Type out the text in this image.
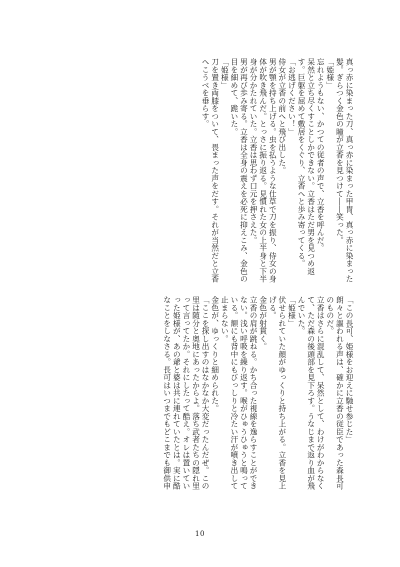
真っ赤に染まった刀、真っ赤に染まった甲冑、真っ赤に染まった髪。ぎらつく金色の瞳が立香を見つけて――笑った。
「姫様」
忘れようもない、かつての従者の声で、立香を呼んだ。
呆然と立ち尽くすことしかできない。立香はただ男を見つめ返す。巨躯を屈めて敷居をくぐり、立香へと歩み寄ってくる。
「お逃げください！」
侍女が立香の前へと飛び出した。
男が顎を持ち上げる。虫を払うような仕草で刀を振り、侍女の身体が吹き飛んだ。とっさに振り返る。見慣れた女の上半身と下半身が分かたれていた。立香は思わず口元を押さえた。
男が再び歩み寄る。立香は全身の震えを必死に抑えこみ、金色の目を細めて、跪いた。
「姫様」
刀を置き両膝をついて、畏まった声をだす。それが当然だと立香へこうべを垂らす。
「この長可、姫様をお迎えに馳せ参じた」
朗々と謳われる声は、確かに立香の従臣であった森長可のものだ。
立香はさらに混乱して、呆然として、わけがわからなくて、ただ森の後頭部を見下ろす。うなじまで返り血が飛んでいた。
「姫様」
伏せられていた顔がゆっくりと持ち上がる。立香を見上げる。
金色が射貫く。
立香の肩が跳ねる。かち合った視線を逸らすことができない。浅い呼吸を繰り返す。喉がひゅうひゅうと鳴っている。額にも背中にもびっしりと冷たい汗が噴き出して止まらない。
金色が、ゆっくりと細められた。
「ここを探し出すのはなかなか大変だったんだぜ。この里は随分と奥地にあったからよ。落ち武者たちの隠れ里って言ってたか。それにしたって酷え。オレは置いていった姫様が、あの爺と婆は共に連れていたとは。実に酷なことをしなさる。長可はいつまでもどこまでも御供申
10
